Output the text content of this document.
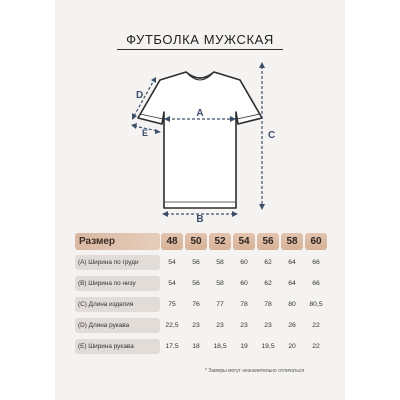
ФУТБОЛКА МУЖСКАЯ
A
B
C
D
E
Размер	48	50	52	54	56	58	60
(A) Ширина по груди	54	56	58	60	62	64	66
(B) Ширина по низу	54	56	58	60	62	64	66
(C) Длина изделия	75	76	77	78	78	80	80,5
(D) Длина рукава	22,5	23	23	23	23	26	22
(E) Ширина рукава	17,5	18	18,5	19	19,5	20	22
* Замеры могут незначительно отличаться
